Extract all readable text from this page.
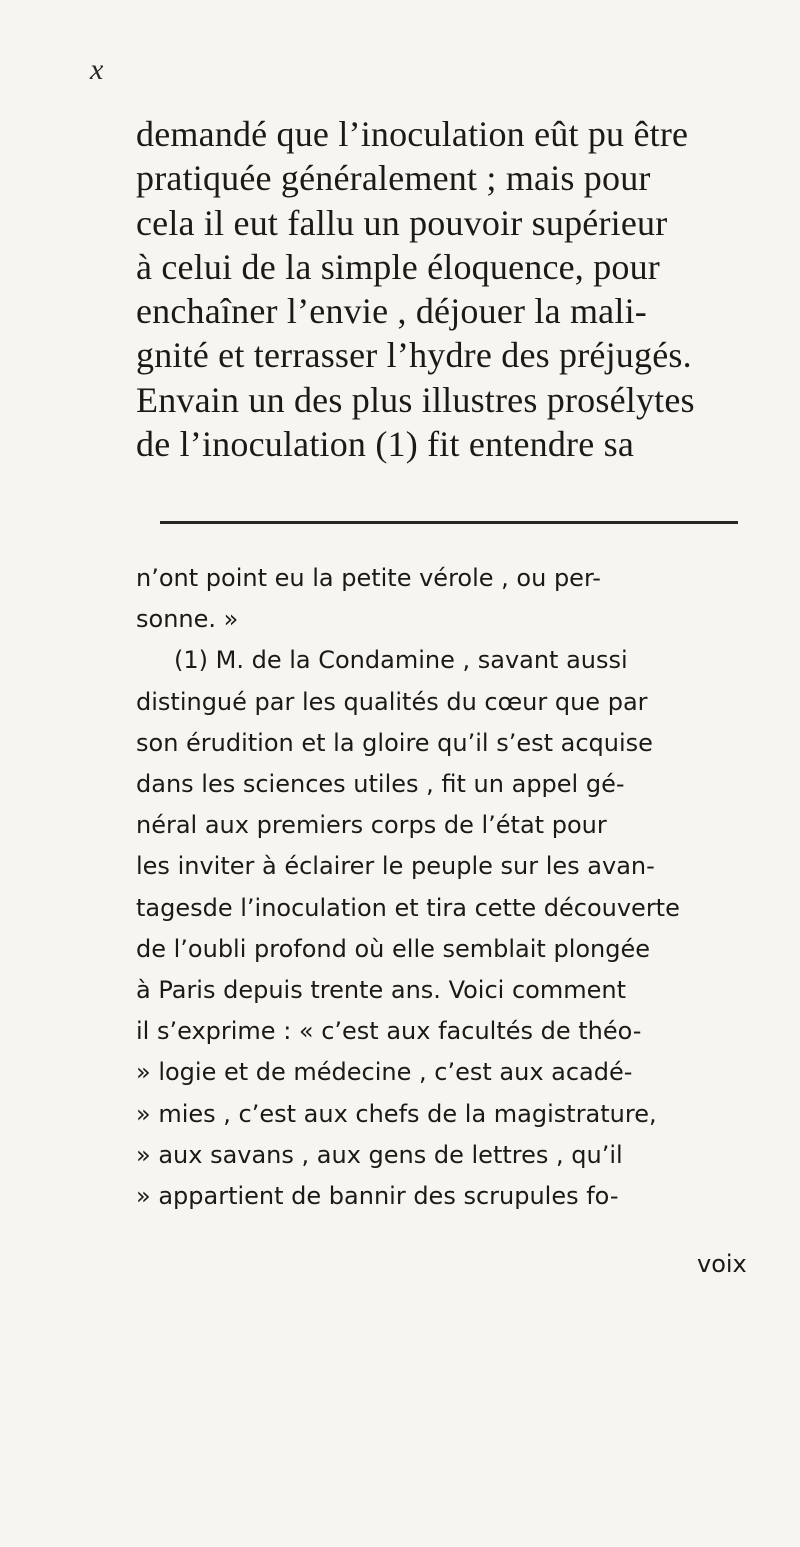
x
demandé que l’inoculation eût pu être
pratiquée généralement ; mais pour
cela il eut fallu un pouvoir supérieur
à celui de la simple éloquence, pour
enchaîner l’envie , déjouer la mali-
gnité et terrasser l’hydre des préjugés.
Envain un des plus illustres prosélytes
de l’inoculation (1) fit entendre sa
n’ont point eu la petite vérole , ou per-
sonne. »
(1) M. de la Condamine , savant aussi
distingué par les qualités du cœur que par
son érudition et la gloire qu’il s’est acquise
dans les sciences utiles , fit un appel gé-
néral aux premiers corps de l’état pour
les inviter à éclairer le peuple sur les avan-
tagesde l’inoculation et tira cette découverte
de l’oubli profond où elle semblait plongée
à Paris depuis trente ans. Voici comment
il s’exprime : « c’est aux facultés de théo-
» logie et de médecine , c’est aux acadé-
» mies , c’est aux chefs de la magistrature,
» aux savans , aux gens de lettres , qu’il
» appartient de bannir des scrupules fo-
voix
